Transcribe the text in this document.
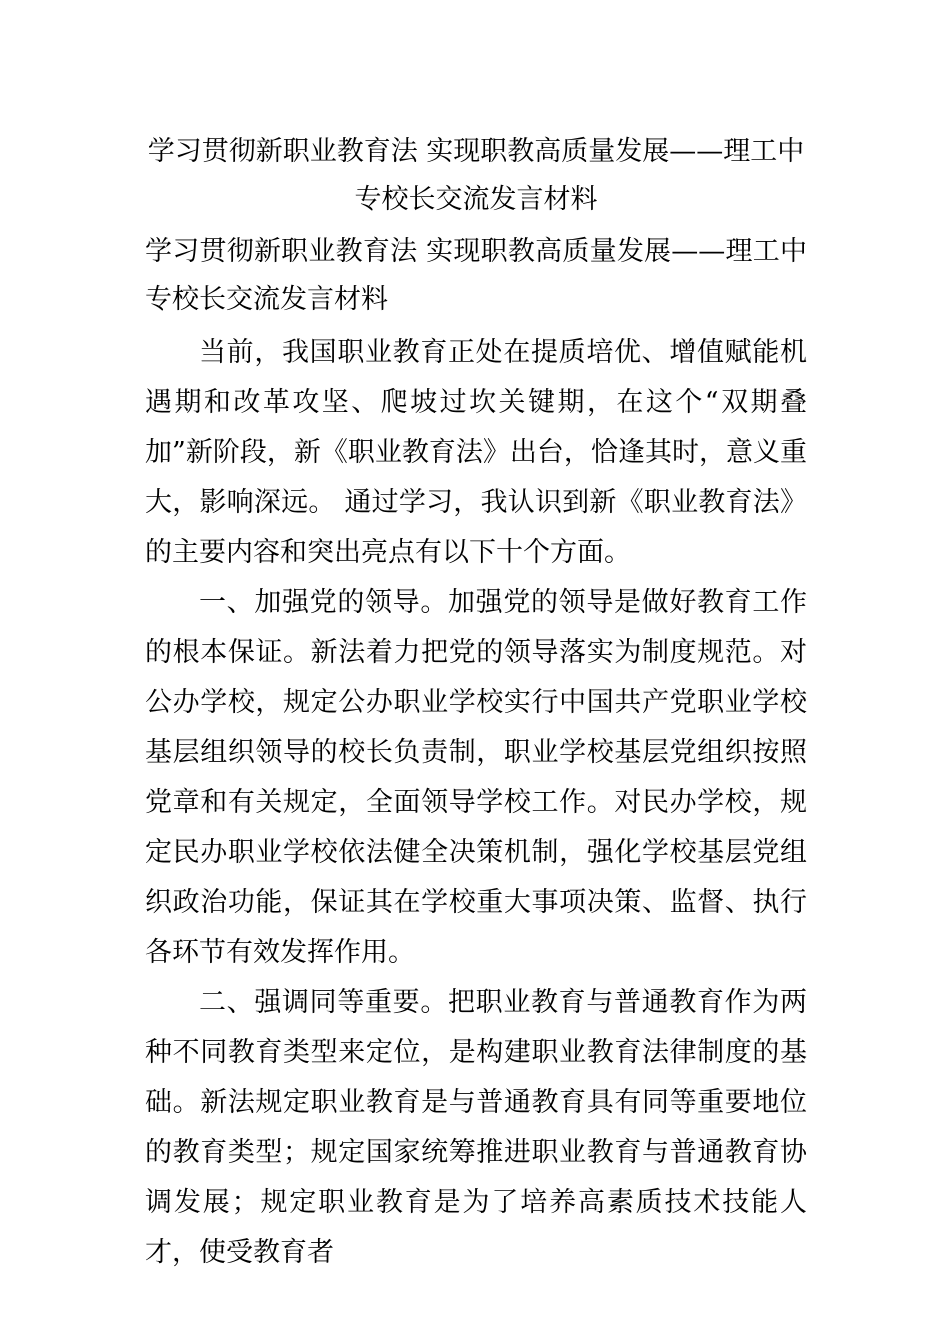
学习贯彻新职业教育法 实现职教高质量发展——理工中专校长交流发言材料

学习贯彻新职业教育法 实现职教高质量发展——理工中专校长交流发言材料

当前，我国职业教育正处在提质培优、增值赋能机遇期和改革攻坚、爬坡过坎关键期，在这个“双期叠加”新阶段，新《职业教育法》出台，恰逢其时，意义重大，影响深远。 通过学习，我认识到新《职业教育法》的主要内容和突出亮点有以下十个方面。

一、加强党的领导。加强党的领导是做好教育工作的根本保证。新法着力把党的领导落实为制度规范。对公办学校，规定公办职业学校实行中国共产党职业学校基层组织领导的校长负责制，职业学校基层党组织按照党章和有关规定，全面领导学校工作。对民办学校，规定民办职业学校依法健全决策机制，强化学校基层党组织政治功能，保证其在学校重大事项决策、监督、执行各环节有效发挥作用。

二、强调同等重要。把职业教育与普通教育作为两种不同教育类型来定位，是构建职业教育法律制度的基础。新法规定职业教育是与普通教育具有同等重要地位的教育类型；规定国家统筹推进职业教育与普通教育协调发展；规定职业教育是为了培养高素质技术技能人才，使受教育者
